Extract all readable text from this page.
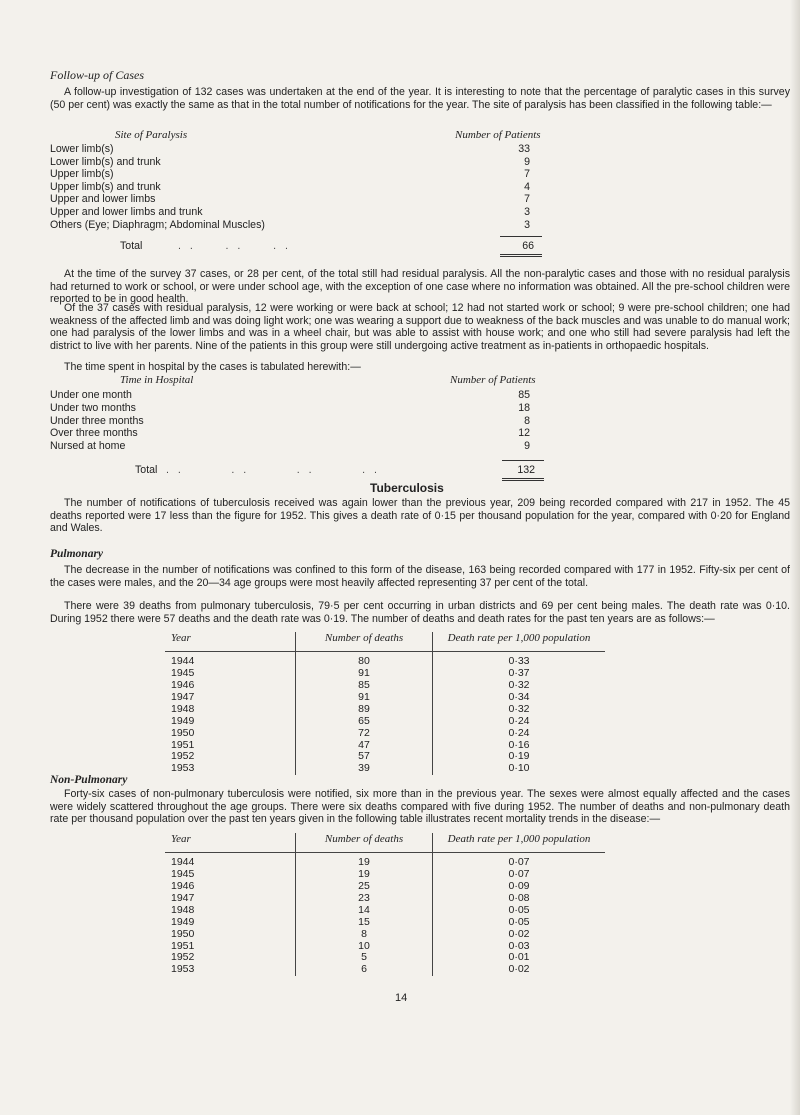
Follow-up of Cases
A follow-up investigation of 132 cases was undertaken at the end of the year. It is interesting to note that the percentage of paralytic cases in this survey (50 per cent) was exactly the same as that in the total number of notifications for the year. The site of paralysis has been classified in the following table:—
Site of Paralysis	Number of Patients
Lower limb(s)	33
Lower limb(s) and trunk	9
Upper limb(s)	7
Upper limb(s) and trunk	4
Upper and lower limbs	7
Upper and lower limbs and trunk	3
Others (Eye; Diaphragm; Abdominal Muscles)	3
Total	. .     . .     . .	66
At the time of the survey 37 cases, or 28 per cent, of the total still had residual paralysis. All the non-paralytic cases and those with no residual paralysis had returned to work or school, or were under school age, with the exception of one case where no information was obtained. All the pre-school children were reported to be in good health.
Of the 37 cases with residual paralysis, 12 were working or were back at school; 12 had not started work or school; 9 were pre-school children; one had weakness of the affected limb and was doing light work; one was wearing a support due to weakness of the back muscles and was unable to do manual work; one had paralysis of the lower limbs and was in a wheel chair, but was able to assist with house work; and one who still had severe paralysis had left the district to live with her parents. Nine of the patients in this group were still undergoing active treatment as in-patients in orthopaedic hospitals.
The time spent in hospital by the cases is tabulated herewith:—
Time in Hospital	Number of Patients
Under one month	85
Under two months	18
Under three months	8
Over three months	12
Nursed at home	9
Total . .        . .        . .        . .	132
Tuberculosis
The number of notifications of tuberculosis received was again lower than the previous year, 209 being recorded compared with 217 in 1952. The 45 deaths reported were 17 less than the figure for 1952. This gives a death rate of 0·15 per thousand population for the year, compared with 0·20 for England and Wales.
Pulmonary
The decrease in the number of notifications was confined to this form of the disease, 163 being recorded compared with 177 in 1952. Fifty-six per cent of the cases were males, and the 20—34 age groups were most heavily affected representing 37 per cent of the total.
There were 39 deaths from pulmonary tuberculosis, 79·5 per cent occurring in urban districts and 69 per cent being males. The death rate was 0·10. During 1952 there were 57 deaths and the death rate was 0·19. The number of deaths and death rates for the past ten years are as follows:—
Year	Number of deaths	Death rate per 1,000 population
1944	80	0·33
1945	91	0·37
1946	85	0·32
1947	91	0·34
1948	89	0·32
1949	65	0·24
1950	72	0·24
1951	47	0·16
1952	57	0·19
1953	39	0·10
Non-Pulmonary
Forty-six cases of non-pulmonary tuberculosis were notified, six more than in the previous year. The sexes were almost equally affected and the cases were widely scattered throughout the age groups. There were six deaths compared with five during 1952. The number of deaths and non-pulmonary death rate per thousand population over the past ten years given in the following table illustrates recent mortality trends in the disease:—
Year	Number of deaths	Death rate per 1,000 population
1944	19	0·07
1945	19	0·07
1946	25	0·09
1947	23	0·08
1948	14	0·05
1949	15	0·05
1950	8	0·02
1951	10	0·03
1952	5	0·01
1953	6	0·02
14
